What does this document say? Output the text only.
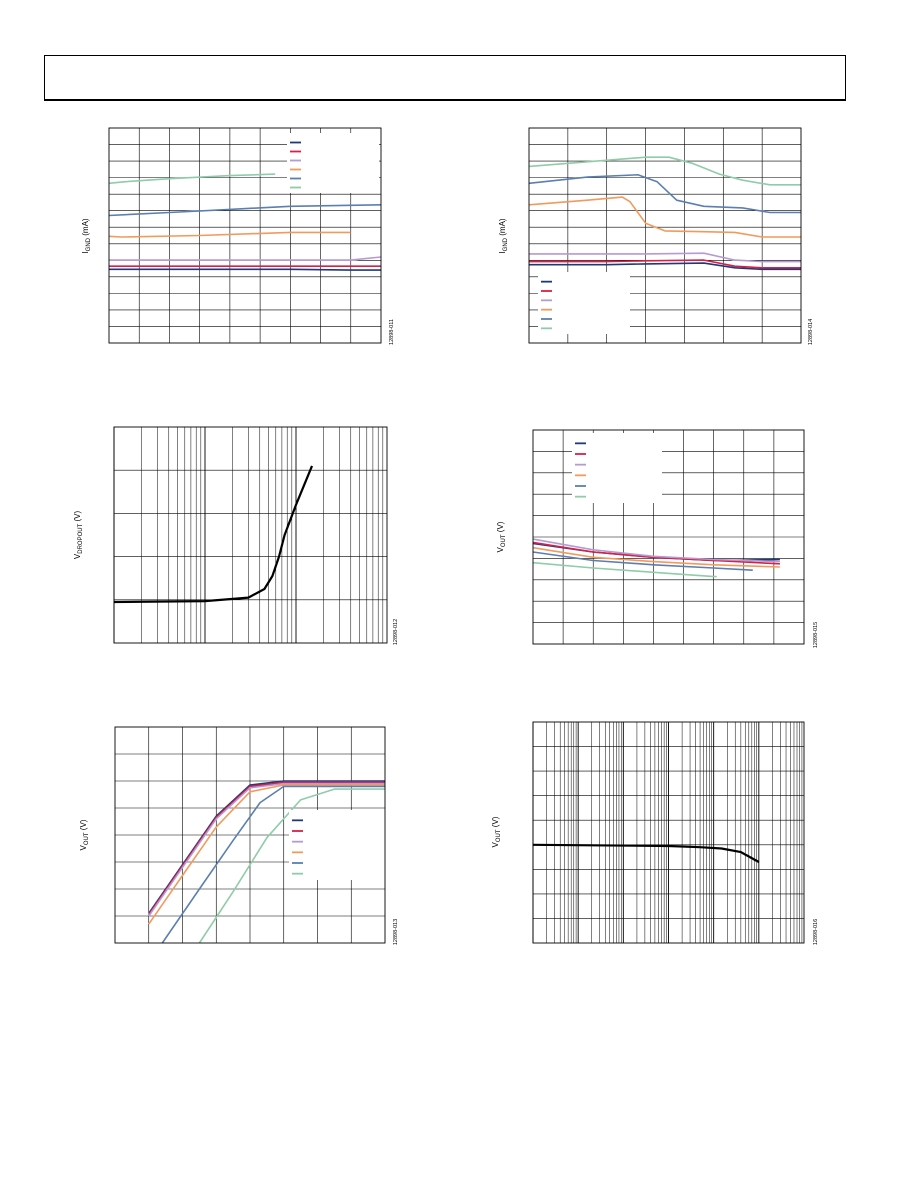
$I_{GND}$ (mA)
12898-011
$I_{GND}$ (mA)
12898-014
$V_{DROPOUT}$ (V)
12898-012
$V_{OUT}$ (V)
12898-015
$V_{OUT}$ (V)
12898-013
$V_{OUT}$ (V)
12898-016
